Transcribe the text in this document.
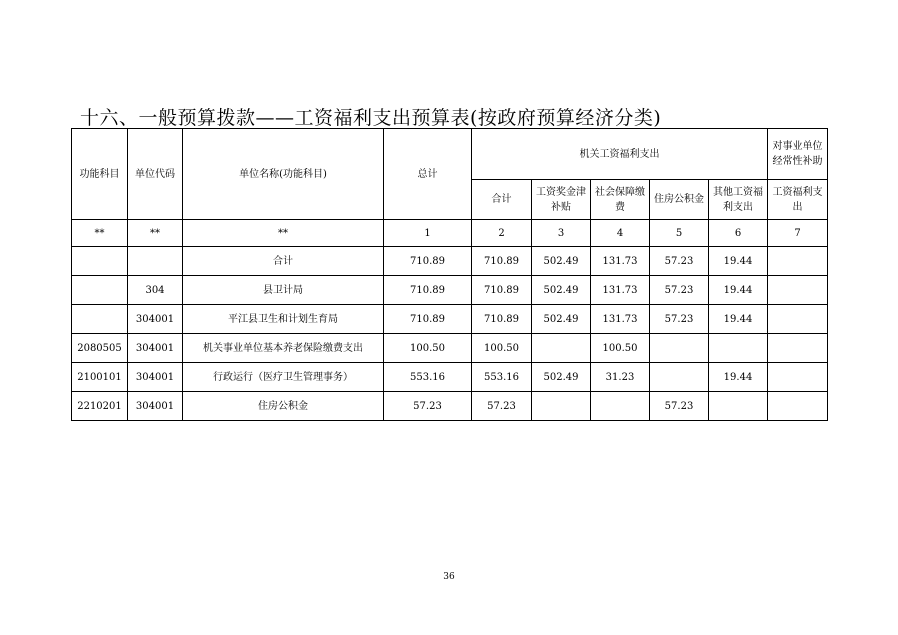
十六、一般预算拨款——工资福利支出预算表(按政府预算经济分类)
功能科目	单位代码	单位名称(功能科目)	总计	机关工资福利支出					对事业单位经常性补助
				合计	工资奖金津补贴	社会保障缴费	住房公积金	其他工资福利支出	工资福利支出
**	**	**	1	2	3	4	5	6	7
		合计	710.89	710.89	502.49	131.73	57.23	19.44	
	304	县卫计局	710.89	710.89	502.49	131.73	57.23	19.44	
	304001	平江县卫生和计划生育局	710.89	710.89	502.49	131.73	57.23	19.44	
2080505	304001	机关事业单位基本养老保险缴费支出	100.50	100.50		100.50			
2100101	304001	行政运行（医疗卫生管理事务）	553.16	553.16	502.49	31.23		19.44	
2210201	304001	住房公积金	57.23	57.23			57.23		
36
